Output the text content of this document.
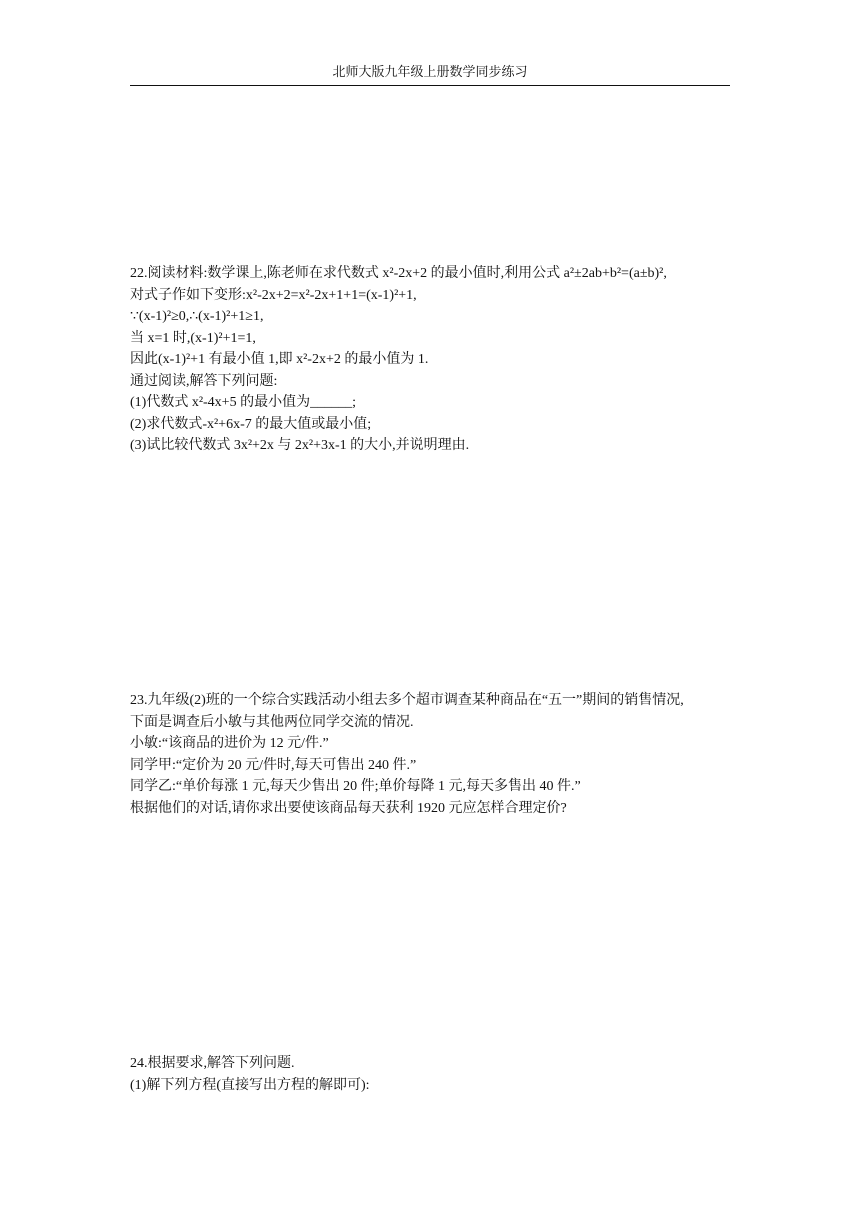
北师大版九年级上册数学同步练习
22.阅读材料:数学课上,陈老师在求代数式 x²-2x+2 的最小值时,利用公式 a²±2ab+b²=(a±b)²,
对式子作如下变形:x²-2x+2=x²-2x+1+1=(x-1)²+1,
∵(x-1)²≥0,∴(x-1)²+1≥1,
当 x=1 时,(x-1)²+1=1,
因此(x-1)²+1 有最小值 1,即 x²-2x+2 的最小值为 1.
通过阅读,解答下列问题:
(1)代数式 x²-4x+5 的最小值为______;
(2)求代数式-x²+6x-7 的最大值或最小值;
(3)试比较代数式 3x²+2x 与 2x²+3x-1 的大小,并说明理由.
23.九年级(2)班的一个综合实践活动小组去多个超市调查某种商品在“五一”期间的销售情况,
下面是调查后小敏与其他两位同学交流的情况.
小敏:“该商品的进价为 12 元/件.”
同学甲:“定价为 20 元/件时,每天可售出 240 件.”
同学乙:“单价每涨 1 元,每天少售出 20 件;单价每降 1 元,每天多售出 40 件.”
根据他们的对话,请你求出要使该商品每天获利 1920 元应怎样合理定价?
24.根据要求,解答下列问题.
(1)解下列方程(直接写出方程的解即可):
